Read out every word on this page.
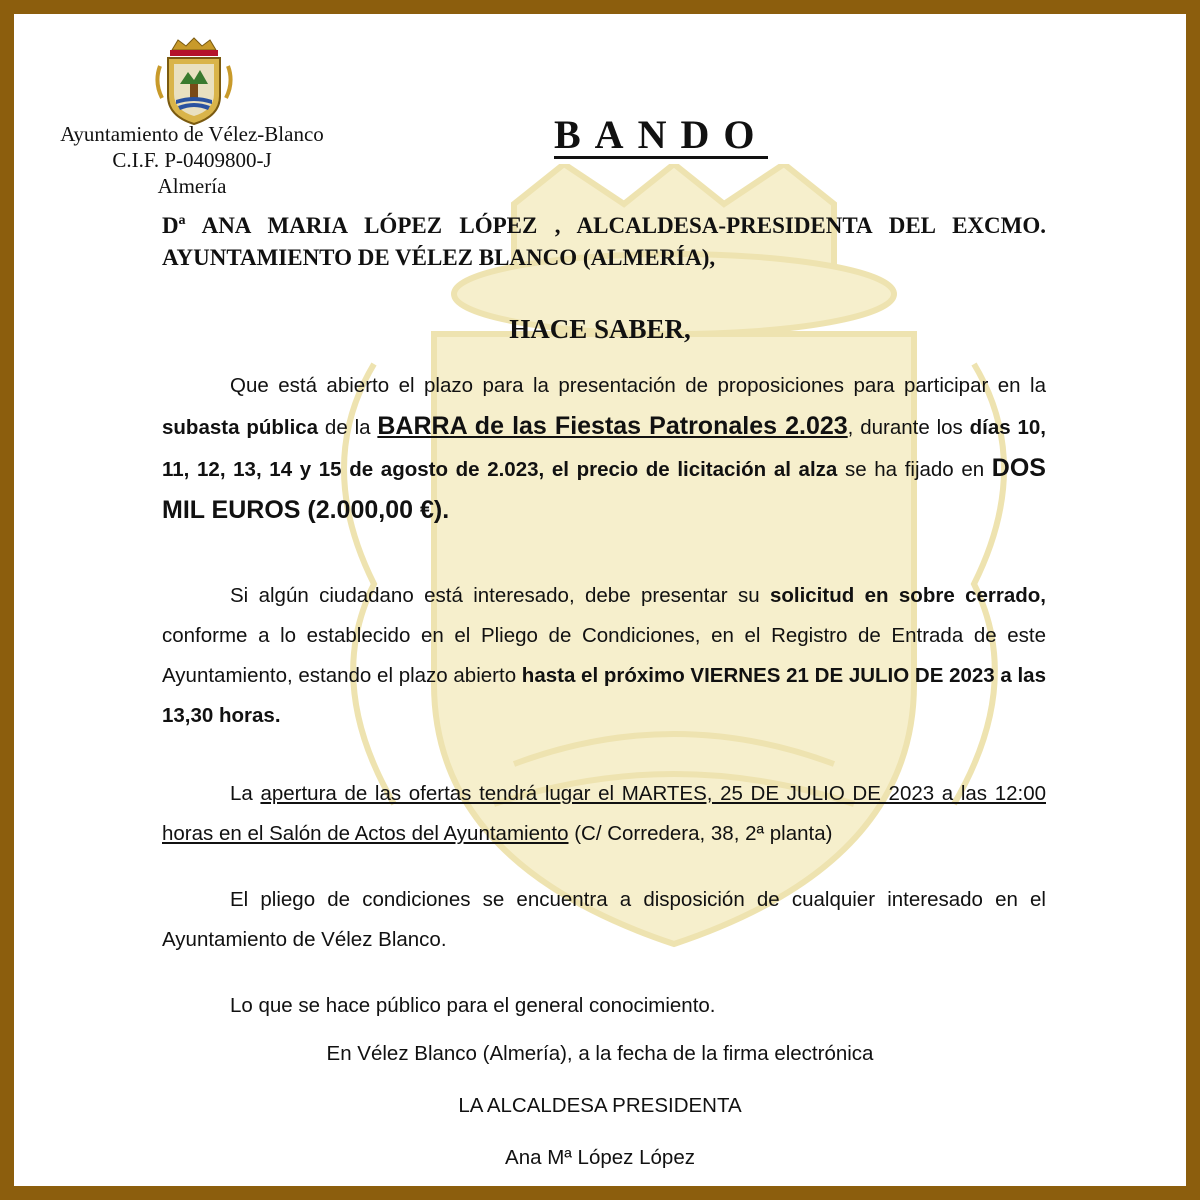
Ayuntamiento de Vélez-Blanco
C.I.F. P-0409800-J
Almería
BANDO
Dª ANA MARIA LÓPEZ LÓPEZ , ALCALDESA-PRESIDENTA DEL EXCMO. AYUNTAMIENTO DE VÉLEZ BLANCO (ALMERÍA),
HACE SABER,
Que está abierto el plazo para la presentación de proposiciones para participar en la subasta pública de la BARRA de las Fiestas Patronales 2.023, durante los días 10, 11, 12, 13, 14 y 15 de agosto de 2.023, el precio de licitación al alza se ha fijado en DOS MIL EUROS (2.000,00 €).
Si algún ciudadano está interesado, debe presentar su solicitud en sobre cerrado, conforme a lo establecido en el Pliego de Condiciones, en el Registro de Entrada de este Ayuntamiento, estando el plazo abierto hasta el próximo VIERNES 21 DE JULIO DE 2023 a las 13,30 horas.
La apertura de las ofertas tendrá lugar el MARTES, 25 DE JULIO DE 2023 a las 12:00 horas en el Salón de Actos del Ayuntamiento (C/ Corredera, 38, 2ª planta)
El pliego de condiciones se encuentra a disposición de cualquier interesado en el Ayuntamiento de Vélez Blanco.
Lo que se hace público para el general conocimiento.
En Vélez Blanco (Almería), a la fecha de la firma electrónica
LA ALCALDESA PRESIDENTA
Ana Mª López López
